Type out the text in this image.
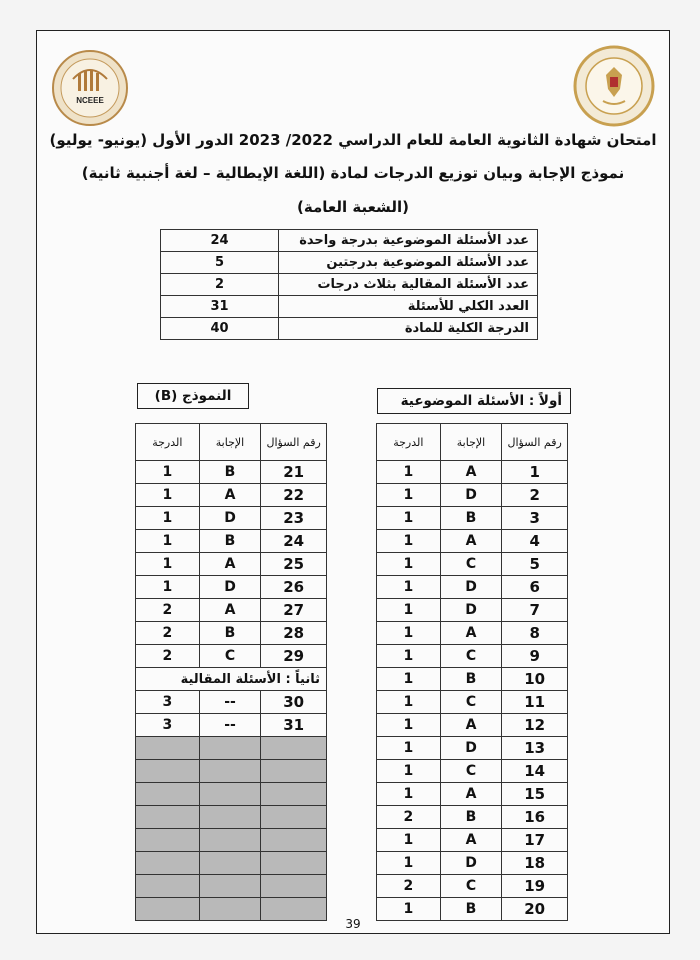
NCEEE
امتحان شهادة الثانوية العامة للعام الدراسي 2022/ 2023 الدور الأول (يونيو- يوليو)
نموذج الإجابة وبيان توزيع الدرجات لمادة (اللغة الإيطالية – لغة أجنبية ثانية)
(الشعبة العامة)
عدد الأسئلة الموضوعية بدرجة واحدة	24
عدد الأسئلة الموضوعية بدرجتين	5
عدد الأسئلة المقالية بثلاث درجات	2
العدد الكلي للأسئلة	31
الدرجة الكلية للمادة	40
النموذج (B)	أولاً : الأسئلة الموضوعية
رقم السؤال	الإجابة	الدرجة
1	A	1
2	D	1
3	B	1
4	A	1
5	C	1
6	D	1
7	D	1
8	A	1
9	C	1
10	B	1
11	C	1
12	A	1
13	D	1
14	C	1
15	A	1
16	B	2
17	A	1
18	D	1
19	C	2
20	B	1
رقم السؤال	الإجابة	الدرجة
21	B	1
22	A	1
23	D	1
24	B	1
25	A	1
26	D	1
27	A	2
28	B	2
29	C	2
ثانياً : الأسئلة المقالية		
30	--	3
31	--	3

39
